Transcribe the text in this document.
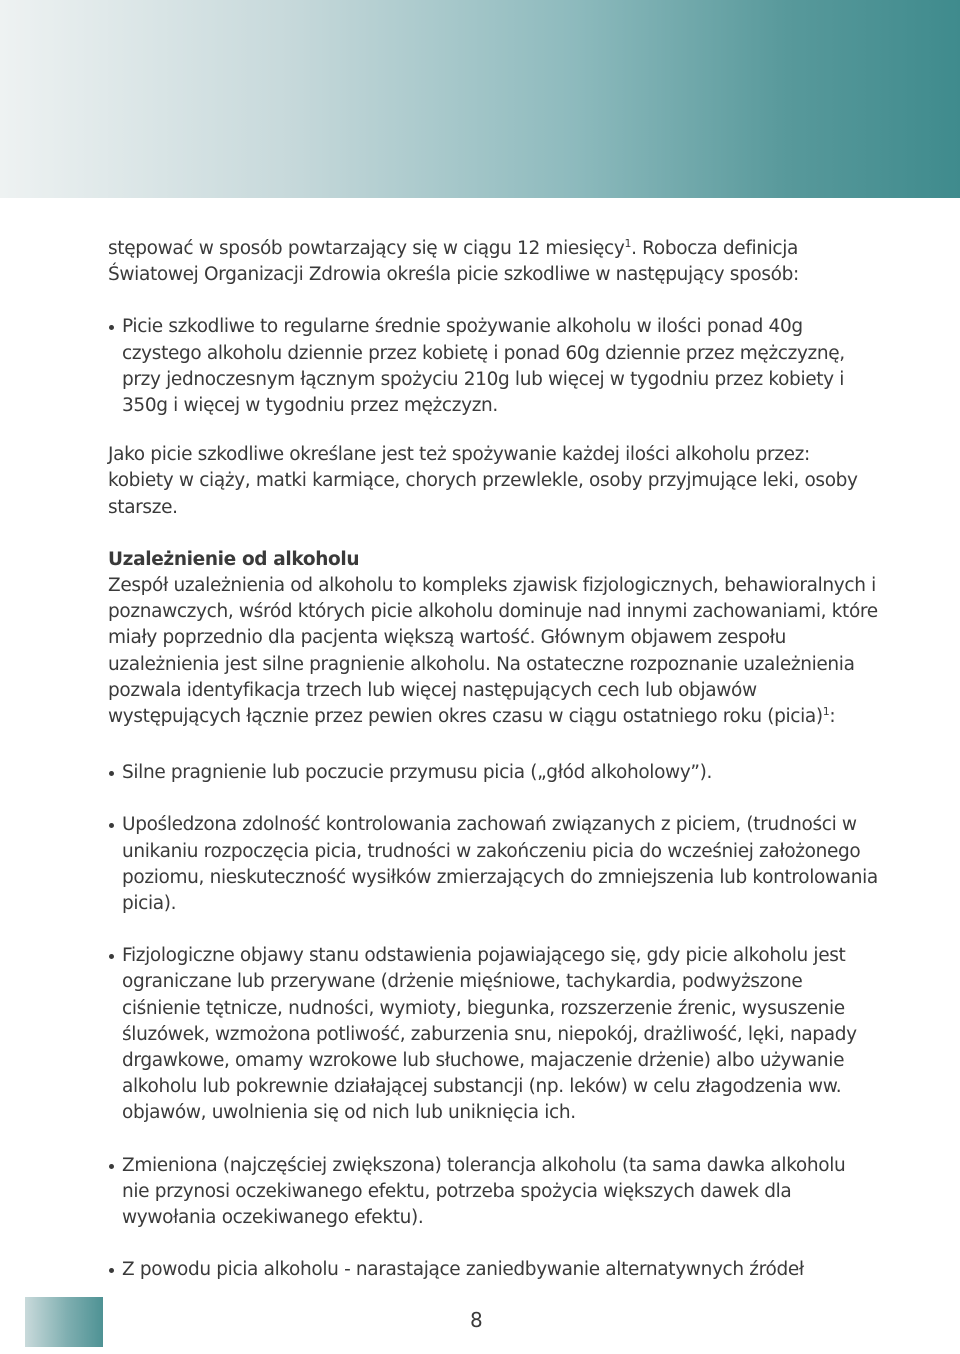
stępować w sposób powtarzający się w ciągu 12 miesięcy$^1$. Robocza definicja Światowej Organizacji Zdrowia określa picie szkodliwe w następujący sposób:

Picie szkodliwe to regularne średnie spożywanie alkoholu w ilości ponad 40g czystego alkoholu dziennie przez kobietę i ponad 60g dziennie przez mężczyznę, przy jednoczesnym łącznym spożyciu 210g lub więcej w tygodniu przez kobiety i 350g i więcej w tygodniu przez mężczyzn.

Jako picie szkodliwe określane jest też spożywanie każdej ilości alkoholu przez: kobiety w ciąży, matki karmiące, chorych przewlekle, osoby przyjmujące leki, osoby starsze.

Uzależnienie od alkoholu

Zespół uzależnienia od alkoholu to kompleks zjawisk fizjologicznych, behawioralnych i poznawczych, wśród których picie alkoholu dominuje nad innymi zachowaniami, które miały poprzednio dla pacjenta większą wartość. Głównym objawem zespołu uzależnienia jest silne pragnienie alkoholu. Na ostateczne rozpoznanie uzależnienia pozwala identyfikacja trzech lub więcej następujących cech lub objawów występujących łącznie przez pewien okres czasu w ciągu ostatniego roku (picia)$^1$:

Silne pragnienie lub poczucie przymusu picia („głód alkoholowy”).

Upośledzona zdolność kontrolowania zachowań związanych z piciem, (trudności w unikaniu rozpoczęcia picia, trudności w zakończeniu picia do wcześniej założonego poziomu, nieskuteczność wysiłków zmierzających do zmniejszenia lub kontrolowania picia).

Fizjologiczne objawy stanu odstawienia pojawiającego się, gdy picie alkoholu jest ograniczane lub przerywane (drżenie mięśniowe, tachykardia, podwyższone ciśnienie tętnicze, nudności, wymioty, biegunka, rozszerzenie źrenic, wysuszenie śluzówek, wzmożona potliwość, zaburzenia snu, niepokój, drażliwość, lęki, napady drgawkowe, omamy wzrokowe lub słuchowe, majaczenie drżenie) albo używanie alkoholu lub pokrewnie działającej substancji (np. leków) w celu złagodzenia ww. objawów, uwolnienia się od nich lub uniknięcia ich.

Zmieniona (najczęściej zwiększona) tolerancja alkoholu (ta sama dawka alkoholu nie przynosi oczekiwanego efektu, potrzeba spożycia większych dawek dla wywołania oczekiwanego efektu).

Z powodu picia alkoholu - narastające zaniedbywanie alternatywnych źródeł

8
